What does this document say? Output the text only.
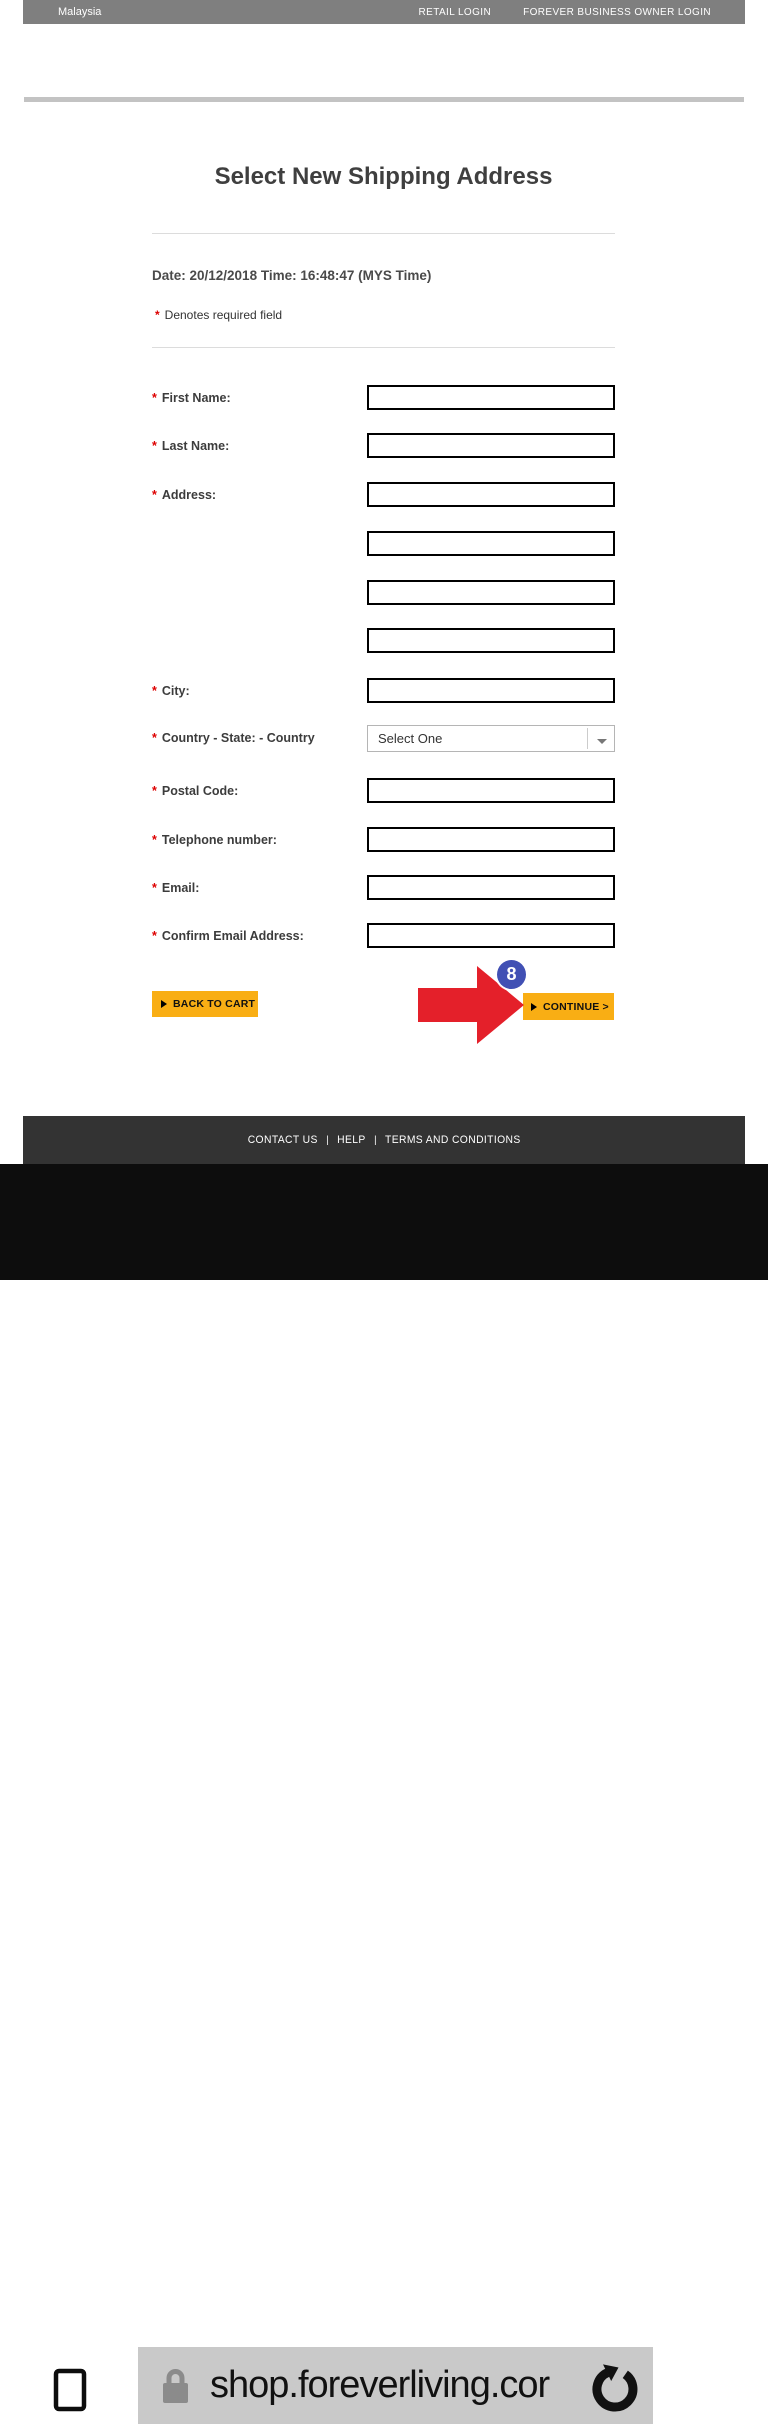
Malaysia	RETAIL LOGIN	FOREVER BUSINESS OWNER LOGIN
Select New Shipping Address
Date: 20/12/2018 Time: 16:48:47 (MYS Time)
* Denotes required field
* First Name:
* Last Name:
* Address:
* City:
* Country - State: - Country	Select One
* Postal Code:
* Telephone number:
* Email:
* Confirm Email Address:
BACK TO CART	CONTINUE >
8
CONTACT US | HELP | TERMS AND CONDITIONS
shop.foreverliving.cor
